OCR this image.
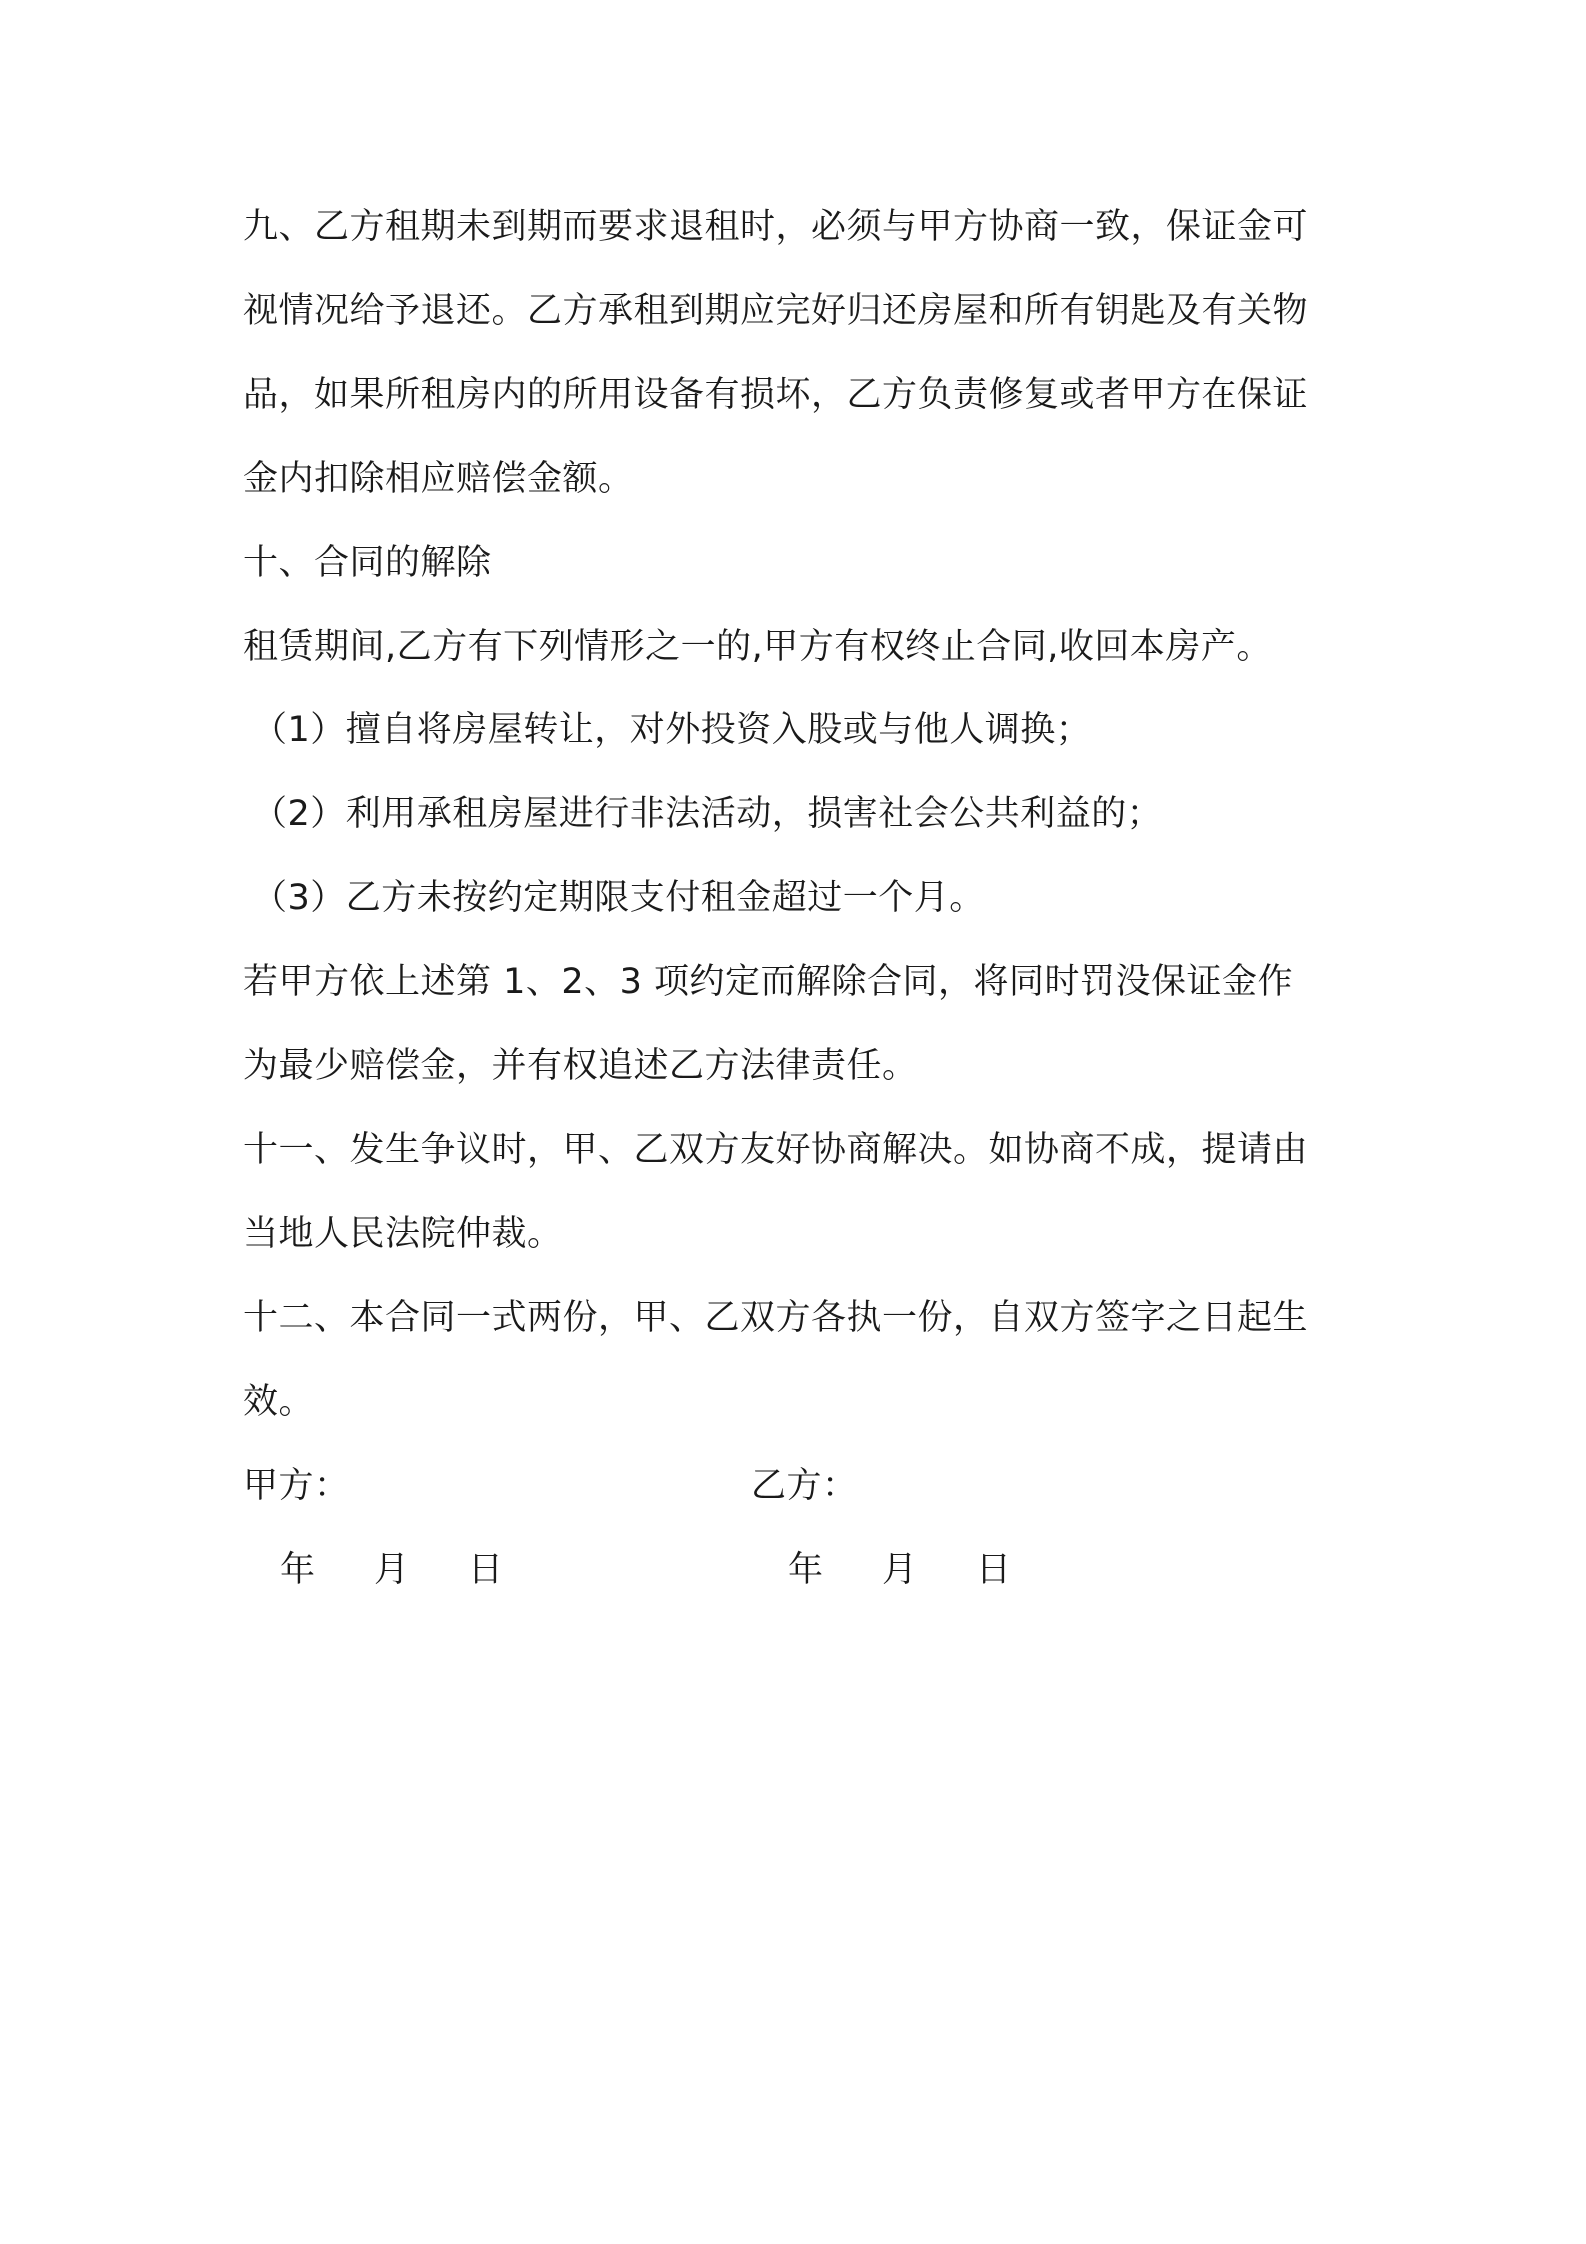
九、乙方租期未到期而要求退租时，必须与甲方协商一致，保证金可
视情况给予退还。乙方承租到期应完好归还房屋和所有钥匙及有关物
品，如果所租房内的所用设备有损坏，乙方负责修复或者甲方在保证
金内扣除相应赔偿金额。
十、合同的解除
租赁期间,乙方有下列情形之一的,甲方有权终止合同,收回本房产。
（1）擅自将房屋转让，对外投资入股或与他人调换；
（2）利用承租房屋进行非法活动，损害社会公共利益的；
（3）乙方未按约定期限支付租金超过一个月。
若甲方依上述第 1、2、3 项约定而解除合同，将同时罚没保证金作
为最少赔偿金，并有权追述乙方法律责任。
十一、发生争议时，甲、乙双方友好协商解决。如协商不成，提请由
当地人民法院仲裁。
十二、本合同一式两份，甲、乙双方各执一份，自双方签字之日起生
效。
甲方：	乙方：
年 月 日	年 月 日
